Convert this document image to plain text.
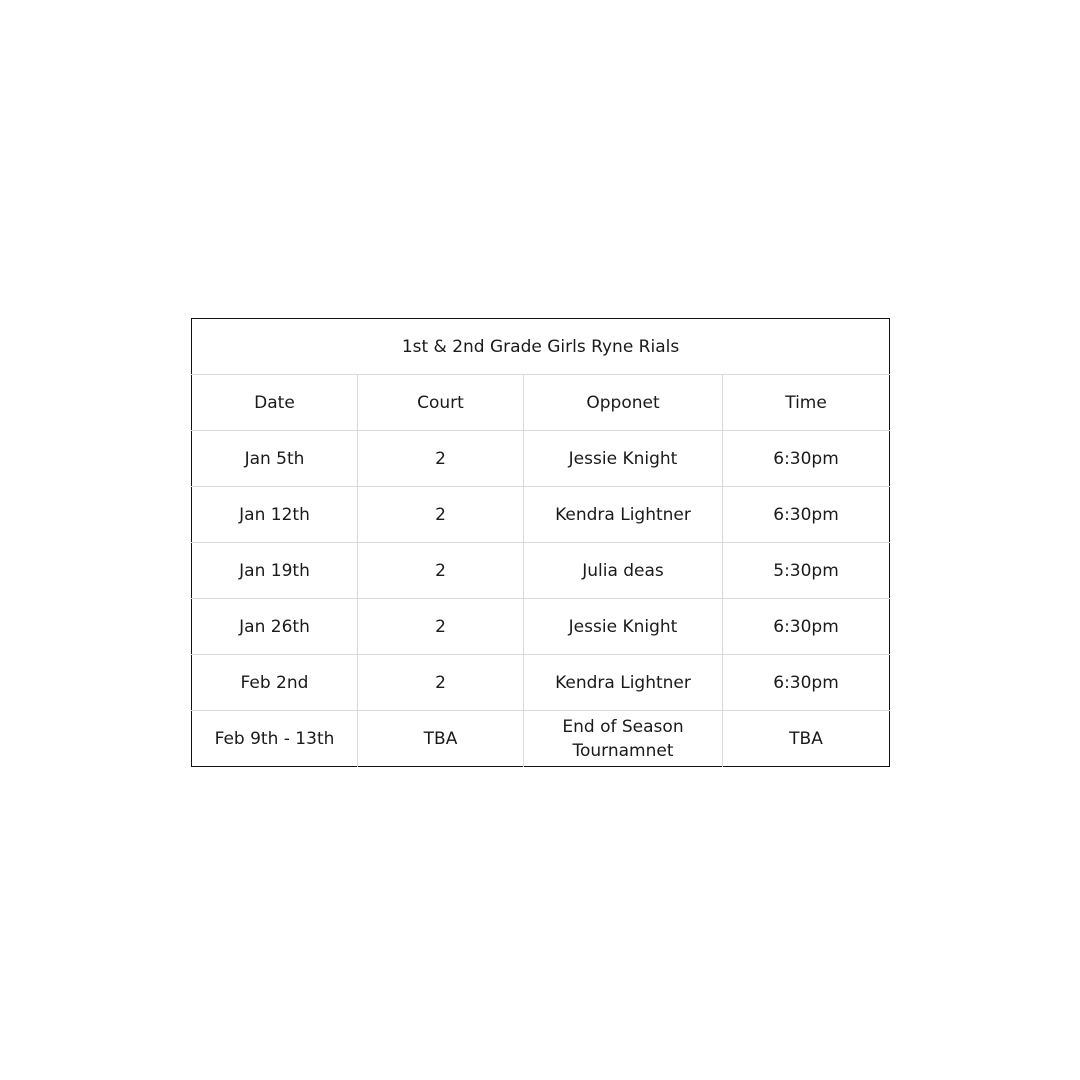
1st & 2nd Grade Girls Ryne Rials			
Date	Court	Opponet	Time
Jan 5th	2	Jessie Knight	6:30pm
Jan 12th	2	Kendra Lightner	6:30pm
Jan 19th	2	Julia deas	5:30pm
Jan 26th	2	Jessie Knight	6:30pm
Feb 2nd	2	Kendra Lightner	6:30pm
Feb 9th - 13th	TBA	End of Season Tournamnet	TBA
